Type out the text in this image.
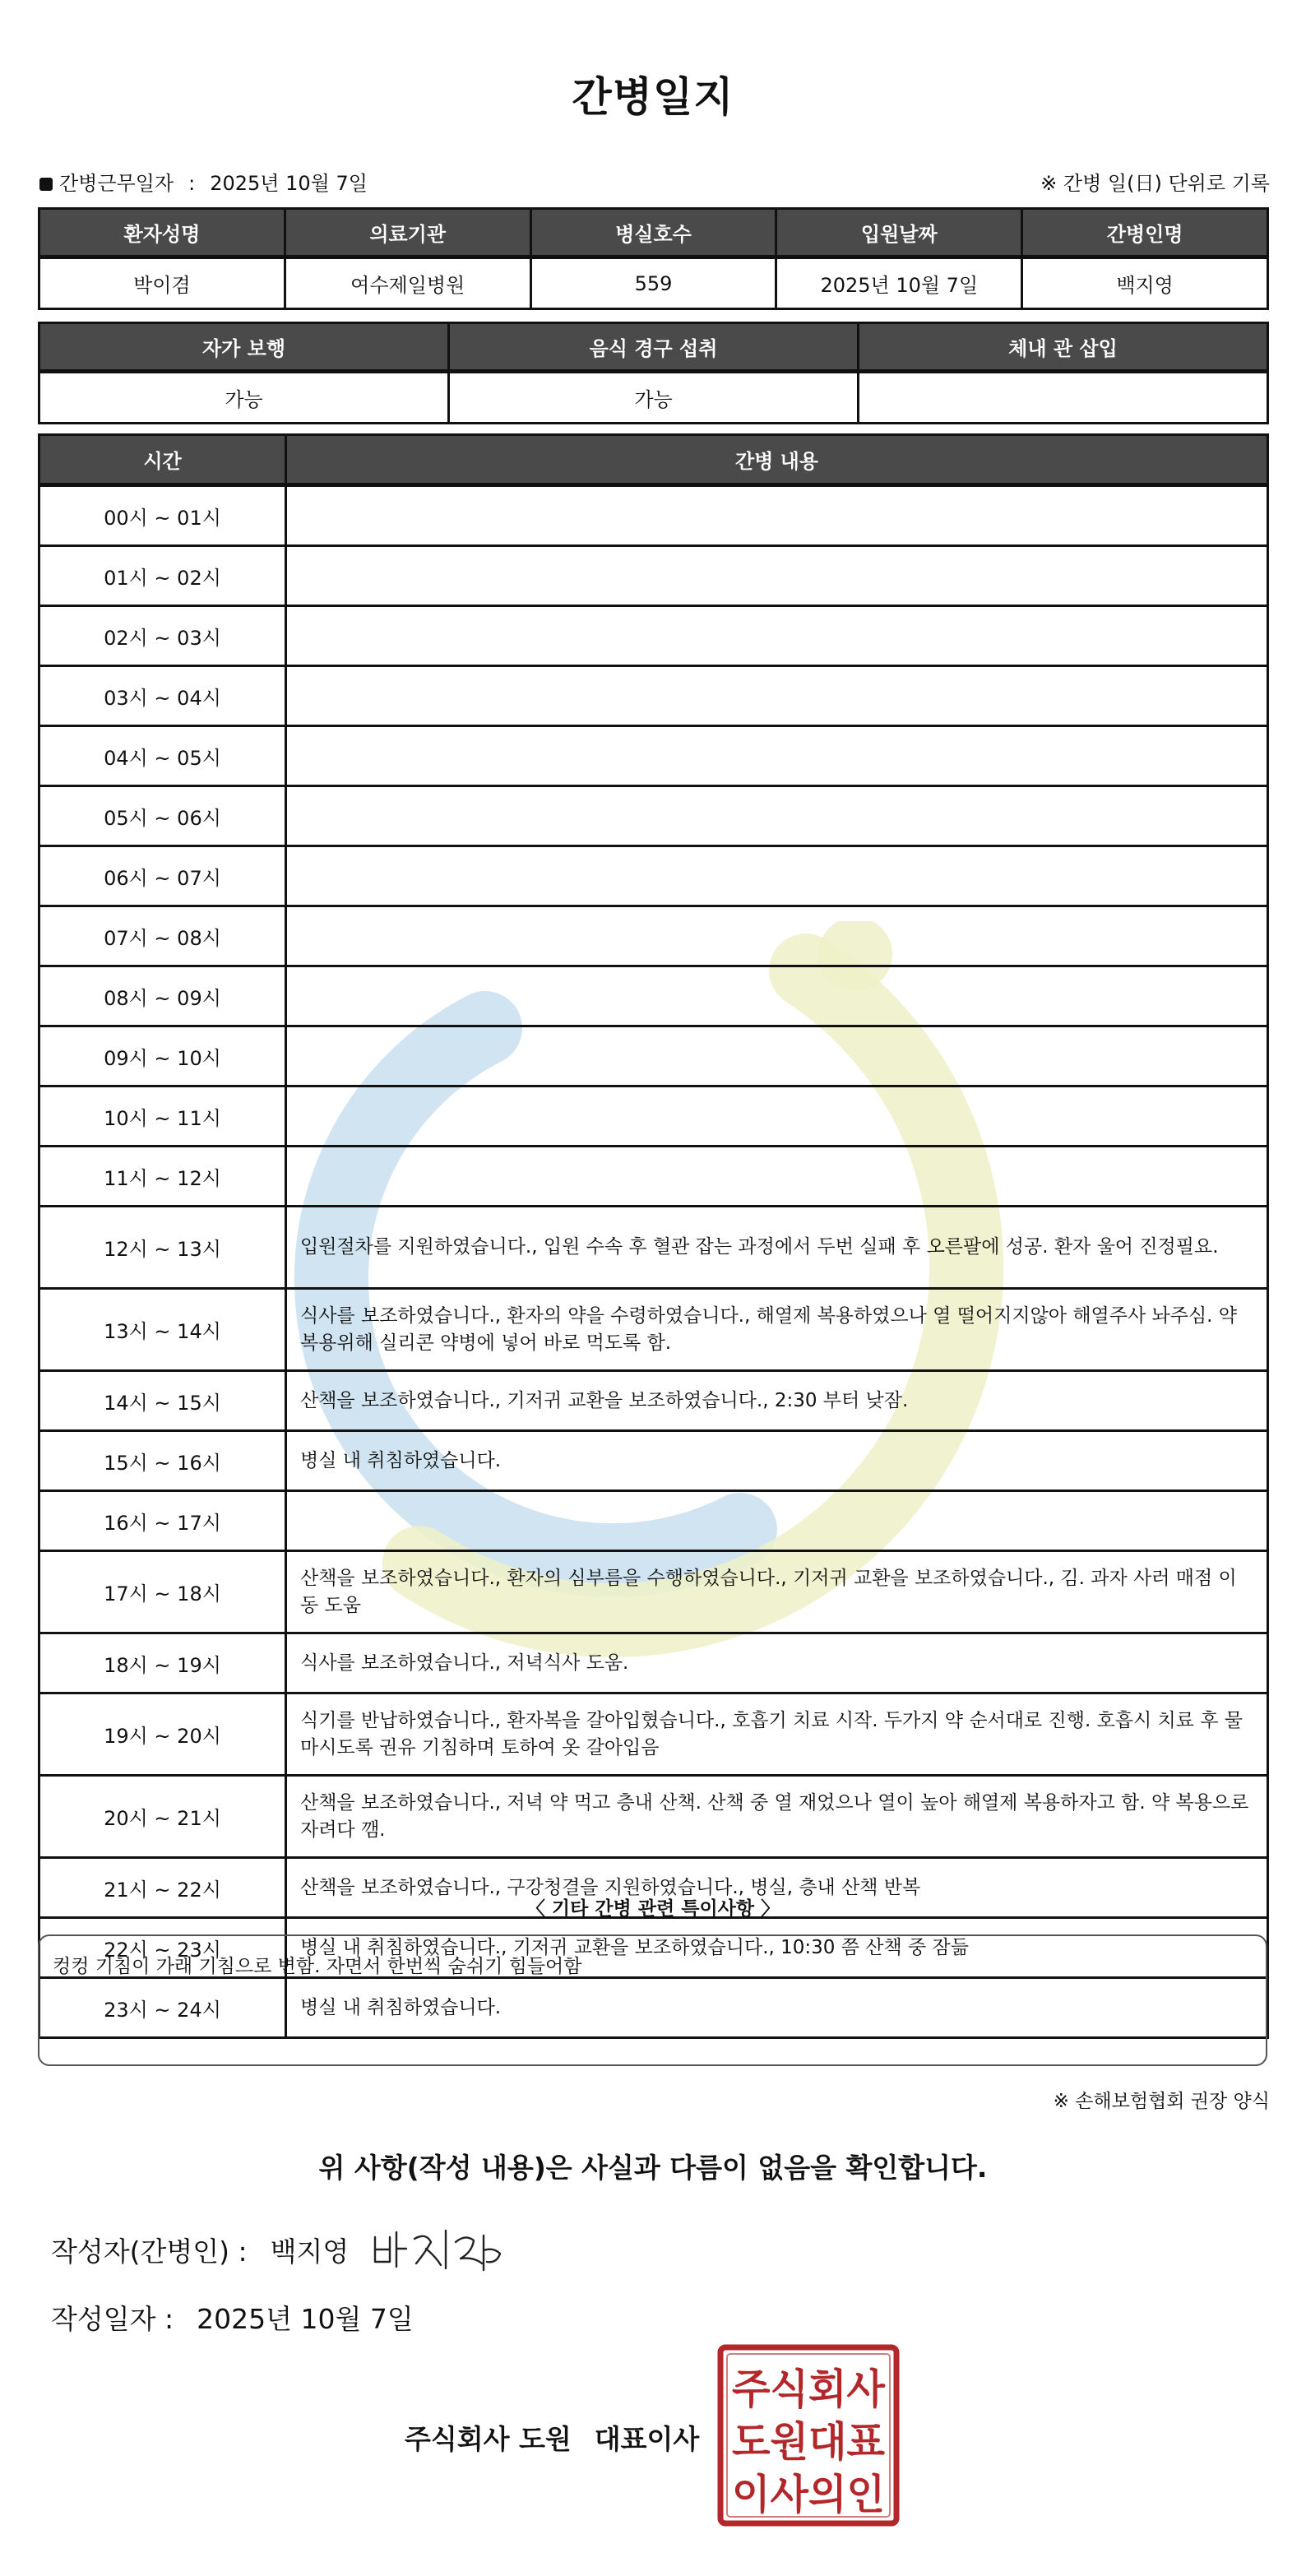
간병일지
간병근무일자 : 2025년 10월 7일	※ 간병 일(日) 단위로 기록
환자성명	의료기관	병실호수	입원날짜	간병인명
박이겸	여수제일병원	559	2025년 10월 7일	백지영
자가 보행	음식 경구 섭취	체내 관 삽입
가능	가능	
시간	간병 내용
00시 ~ 01시	
01시 ~ 02시	
02시 ~ 03시	
03시 ~ 04시	
04시 ~ 05시	
05시 ~ 06시	
06시 ~ 07시	
07시 ~ 08시	
08시 ~ 09시	
09시 ~ 10시	
10시 ~ 11시	
11시 ~ 12시	
12시 ~ 13시	입원절차를 지원하였습니다., 입원 수속 후 혈관 잡는 과정에서 두번 실패 후 오른팔에 성공. 환자 울어 진정필요.
13시 ~ 14시	식사를 보조하였습니다., 환자의 약을 수령하였습니다., 해열제 복용하였으나 열 떨어지지않아 해열주사 놔주심. 약 복용위해 실리콘 약병에 넣어 바로 먹도록 함.
14시 ~ 15시	산책을 보조하였습니다., 기저귀 교환을 보조하였습니다., 2:30 부터 낮잠.
15시 ~ 16시	병실 내 취침하였습니다.
16시 ~ 17시	
17시 ~ 18시	산책을 보조하였습니다., 환자의 심부름을 수행하였습니다., 기저귀 교환을 보조하였습니다., 김. 과자 사러 매점 이동 도움
18시 ~ 19시	식사를 보조하였습니다., 저녁식사 도움.
19시 ~ 20시	식기를 반납하였습니다., 환자복을 갈아입혔습니다., 호흡기 치료 시작. 두가지 약 순서대로 진행. 호흡시 치료 후 물 마시도록 권유 기침하며 토하여 옷 갈아입음
20시 ~ 21시	산책을 보조하였습니다., 저녁 약 먹고 층내 산책. 산책 중 열 재었으나 열이 높아 해열제 복용하자고 함. 약 복용으로 자려다 깸.
21시 ~ 22시	산책을 보조하였습니다., 구강청결을 지원하였습니다., 병실, 층내 산책 반복
22시 ~ 23시	병실 내 취침하였습니다., 기저귀 교환을 보조하였습니다., 10:30 쯤 산책 중 잠듦
23시 ~ 24시	병실 내 취침하였습니다.
〈 기타 간병 관련 특이사항 〉
컹컹 기침이 가래 기침으로 변함. 자면서 한번씩 숨쉬기 힘들어함
※ 손해보험협회 권장 양식
위 사항(작성 내용)은 사실과 다름이 없음을 확인합니다.
작성자(간병인) : 백지영
작성일자 : 2025년 10월 7일
주식회사 도원 대표이사
주식회사
도원대표
이사의인
